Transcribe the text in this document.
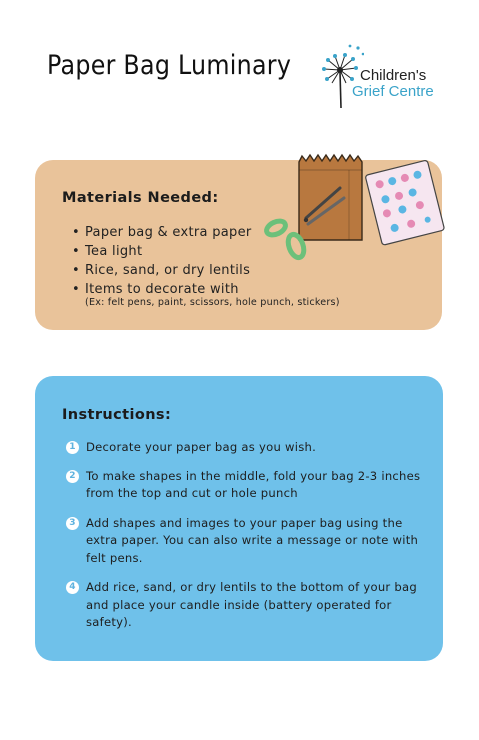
Paper Bag Luminary	Children's
Grief Centre
Materials Needed:
• Paper bag & extra paper
• Tea light
• Rice, sand, or dry lentils
• Items to decorate with
(Ex: felt pens, paint, scissors, hole punch, stickers)
Instructions:
1 Decorate your paper bag as you wish.
2 To make shapes in the middle, fold your bag 2-3 inches from the top and cut or hole punch
3 Add shapes and images to your paper bag using the extra paper. You can also write a message or note with felt pens.
4 Add rice, sand, or dry lentils to the bottom of your bag and place your candle inside (battery operated for safety).
